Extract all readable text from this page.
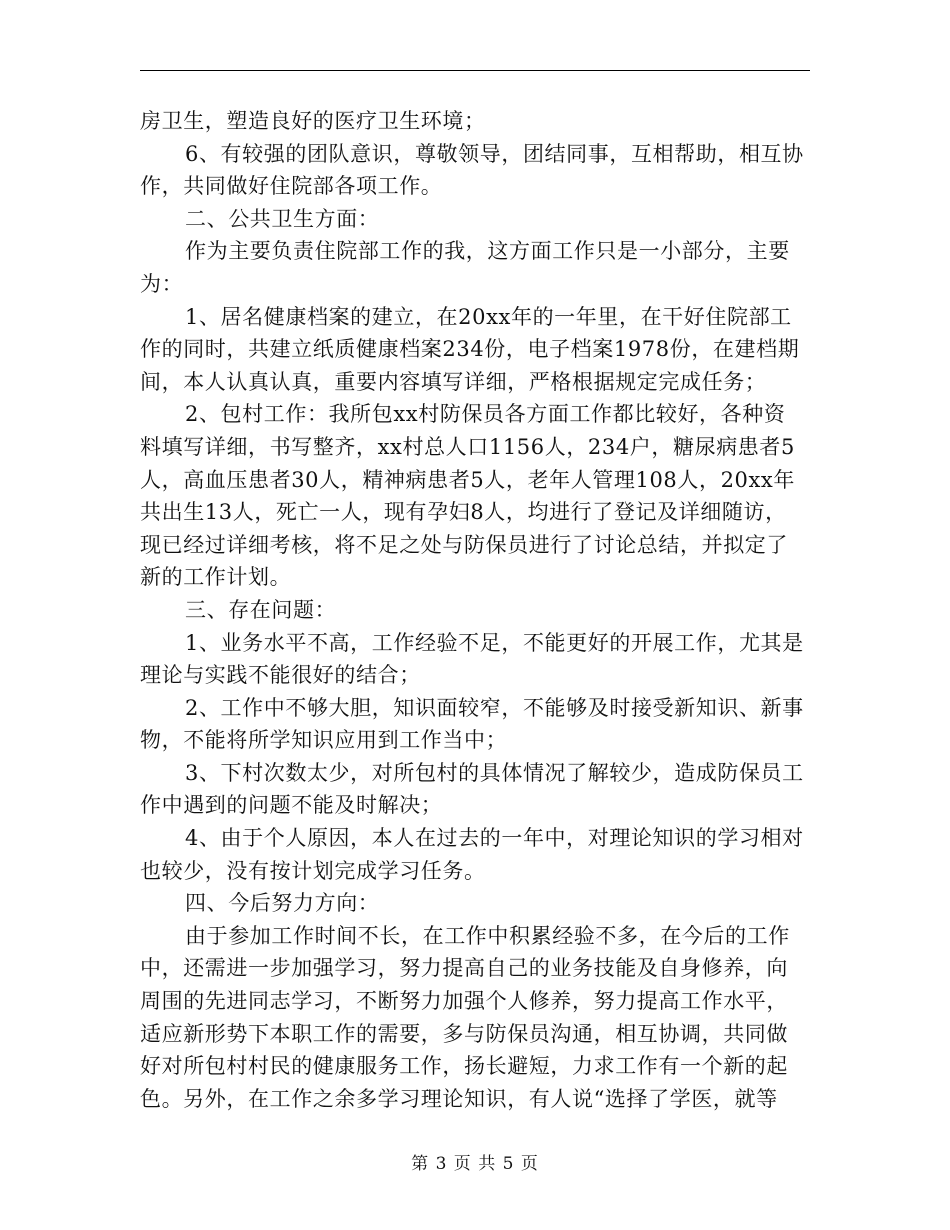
房卫生，塑造良好的医疗卫生环境；
6、有较强的团队意识，尊敬领导，团结同事，互相帮助，相互协
作，共同做好住院部各项工作。
二、公共卫生方面：
作为主要负责住院部工作的我，这方面工作只是一小部分，主要
为：
1、居名健康档案的建立，在20xx年的一年里，在干好住院部工
作的同时，共建立纸质健康档案234份，电子档案1978份，在建档期
间，本人认真认真，重要内容填写详细，严格根据规定完成任务；
2、包村工作：我所包xx村防保员各方面工作都比较好，各种资
料填写详细，书写整齐，xx村总人口1156人，234户，糖尿病患者5
人，高血压患者30人，精神病患者5人，老年人管理108人，20xx年
共出生13人，死亡一人，现有孕妇8人，均进行了登记及详细随访，
现已经过详细考核，将不足之处与防保员进行了讨论总结，并拟定了
新的工作计划。
三、存在问题：
1、业务水平不高，工作经验不足，不能更好的开展工作，尤其是
理论与实践不能很好的结合；
2、工作中不够大胆，知识面较窄，不能够及时接受新知识、新事
物，不能将所学知识应用到工作当中；
3、下村次数太少，对所包村的具体情况了解较少，造成防保员工
作中遇到的问题不能及时解决；
4、由于个人原因，本人在过去的一年中，对理论知识的学习相对
也较少，没有按计划完成学习任务。
四、今后努力方向：
由于参加工作时间不长，在工作中积累经验不多，在今后的工作
中，还需进一步加强学习，努力提高自己的业务技能及自身修养，向
周围的先进同志学习，不断努力加强个人修养，努力提高工作水平，
适应新形势下本职工作的需要，多与防保员沟通，相互协调，共同做
好对所包村村民的健康服务工作，扬长避短，力求工作有一个新的起
色。另外，在工作之余多学习理论知识，有人说“选择了学医，就等
第 3 页 共 5 页
